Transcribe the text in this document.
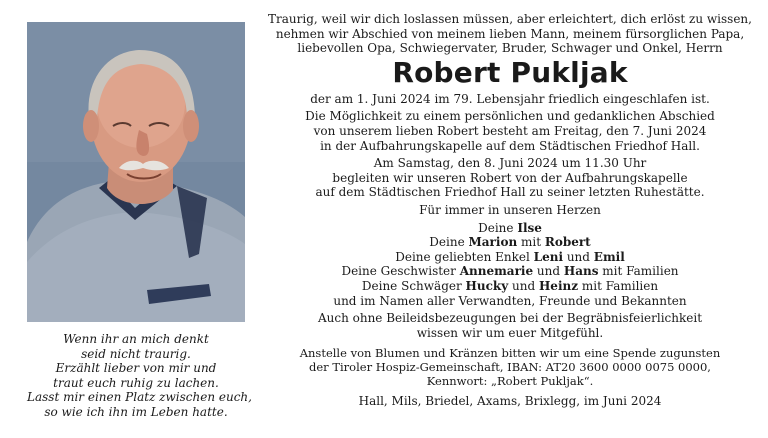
Wenn ihr an mich denkt
seid nicht traurig.
Erzählt lieber von mir und
traut euch ruhig zu lachen.
Lasst mir einen Platz zwischen euch,
so wie ich ihn im Leben hatte.
Traurig, weil wir dich loslassen müssen, aber erleichtert, dich erlöst zu wissen,
nehmen wir Abschied von meinem lieben Mann, meinem fürsorglichen Papa,
liebevollen Opa, Schwiegervater, Bruder, Schwager und Onkel, Herrn
Robert Pukljak
der am 1. Juni 2024 im 79. Lebensjahr friedlich eingeschlafen ist.
Die Möglichkeit zu einem persönlichen und gedanklichen Abschied
von unserem lieben Robert besteht am Freitag, den 7. Juni 2024
in der Aufbahrungskapelle auf dem Städtischen Friedhof Hall.
Am Samstag, den 8. Juni 2024 um 11.30 Uhr
begleiten wir unseren Robert von der Aufbahrungskapelle
auf dem Städtischen Friedhof Hall zu seiner letzten Ruhestätte.
Für immer in unseren Herzen
Deine Ilse
Deine Marion mit Robert
Deine geliebten Enkel Leni und Emil
Deine Geschwister Annemarie und Hans mit Familien
Deine Schwäger Hucky und Heinz mit Familien
und im Namen aller Verwandten, Freunde und Bekannten
Auch ohne Beileidsbezeugungen bei der Begräbnisfeierlichkeit
wissen wir um euer Mitgefühl.
Anstelle von Blumen und Kränzen bitten wir um eine Spende zugunsten
der Tiroler Hospiz-Gemeinschaft, IBAN: AT20 3600 0000 0075 0000,
Kennwort: „Robert Pukljak“.
Hall, Mils, Briedel, Axams, Brixlegg, im Juni 2024
